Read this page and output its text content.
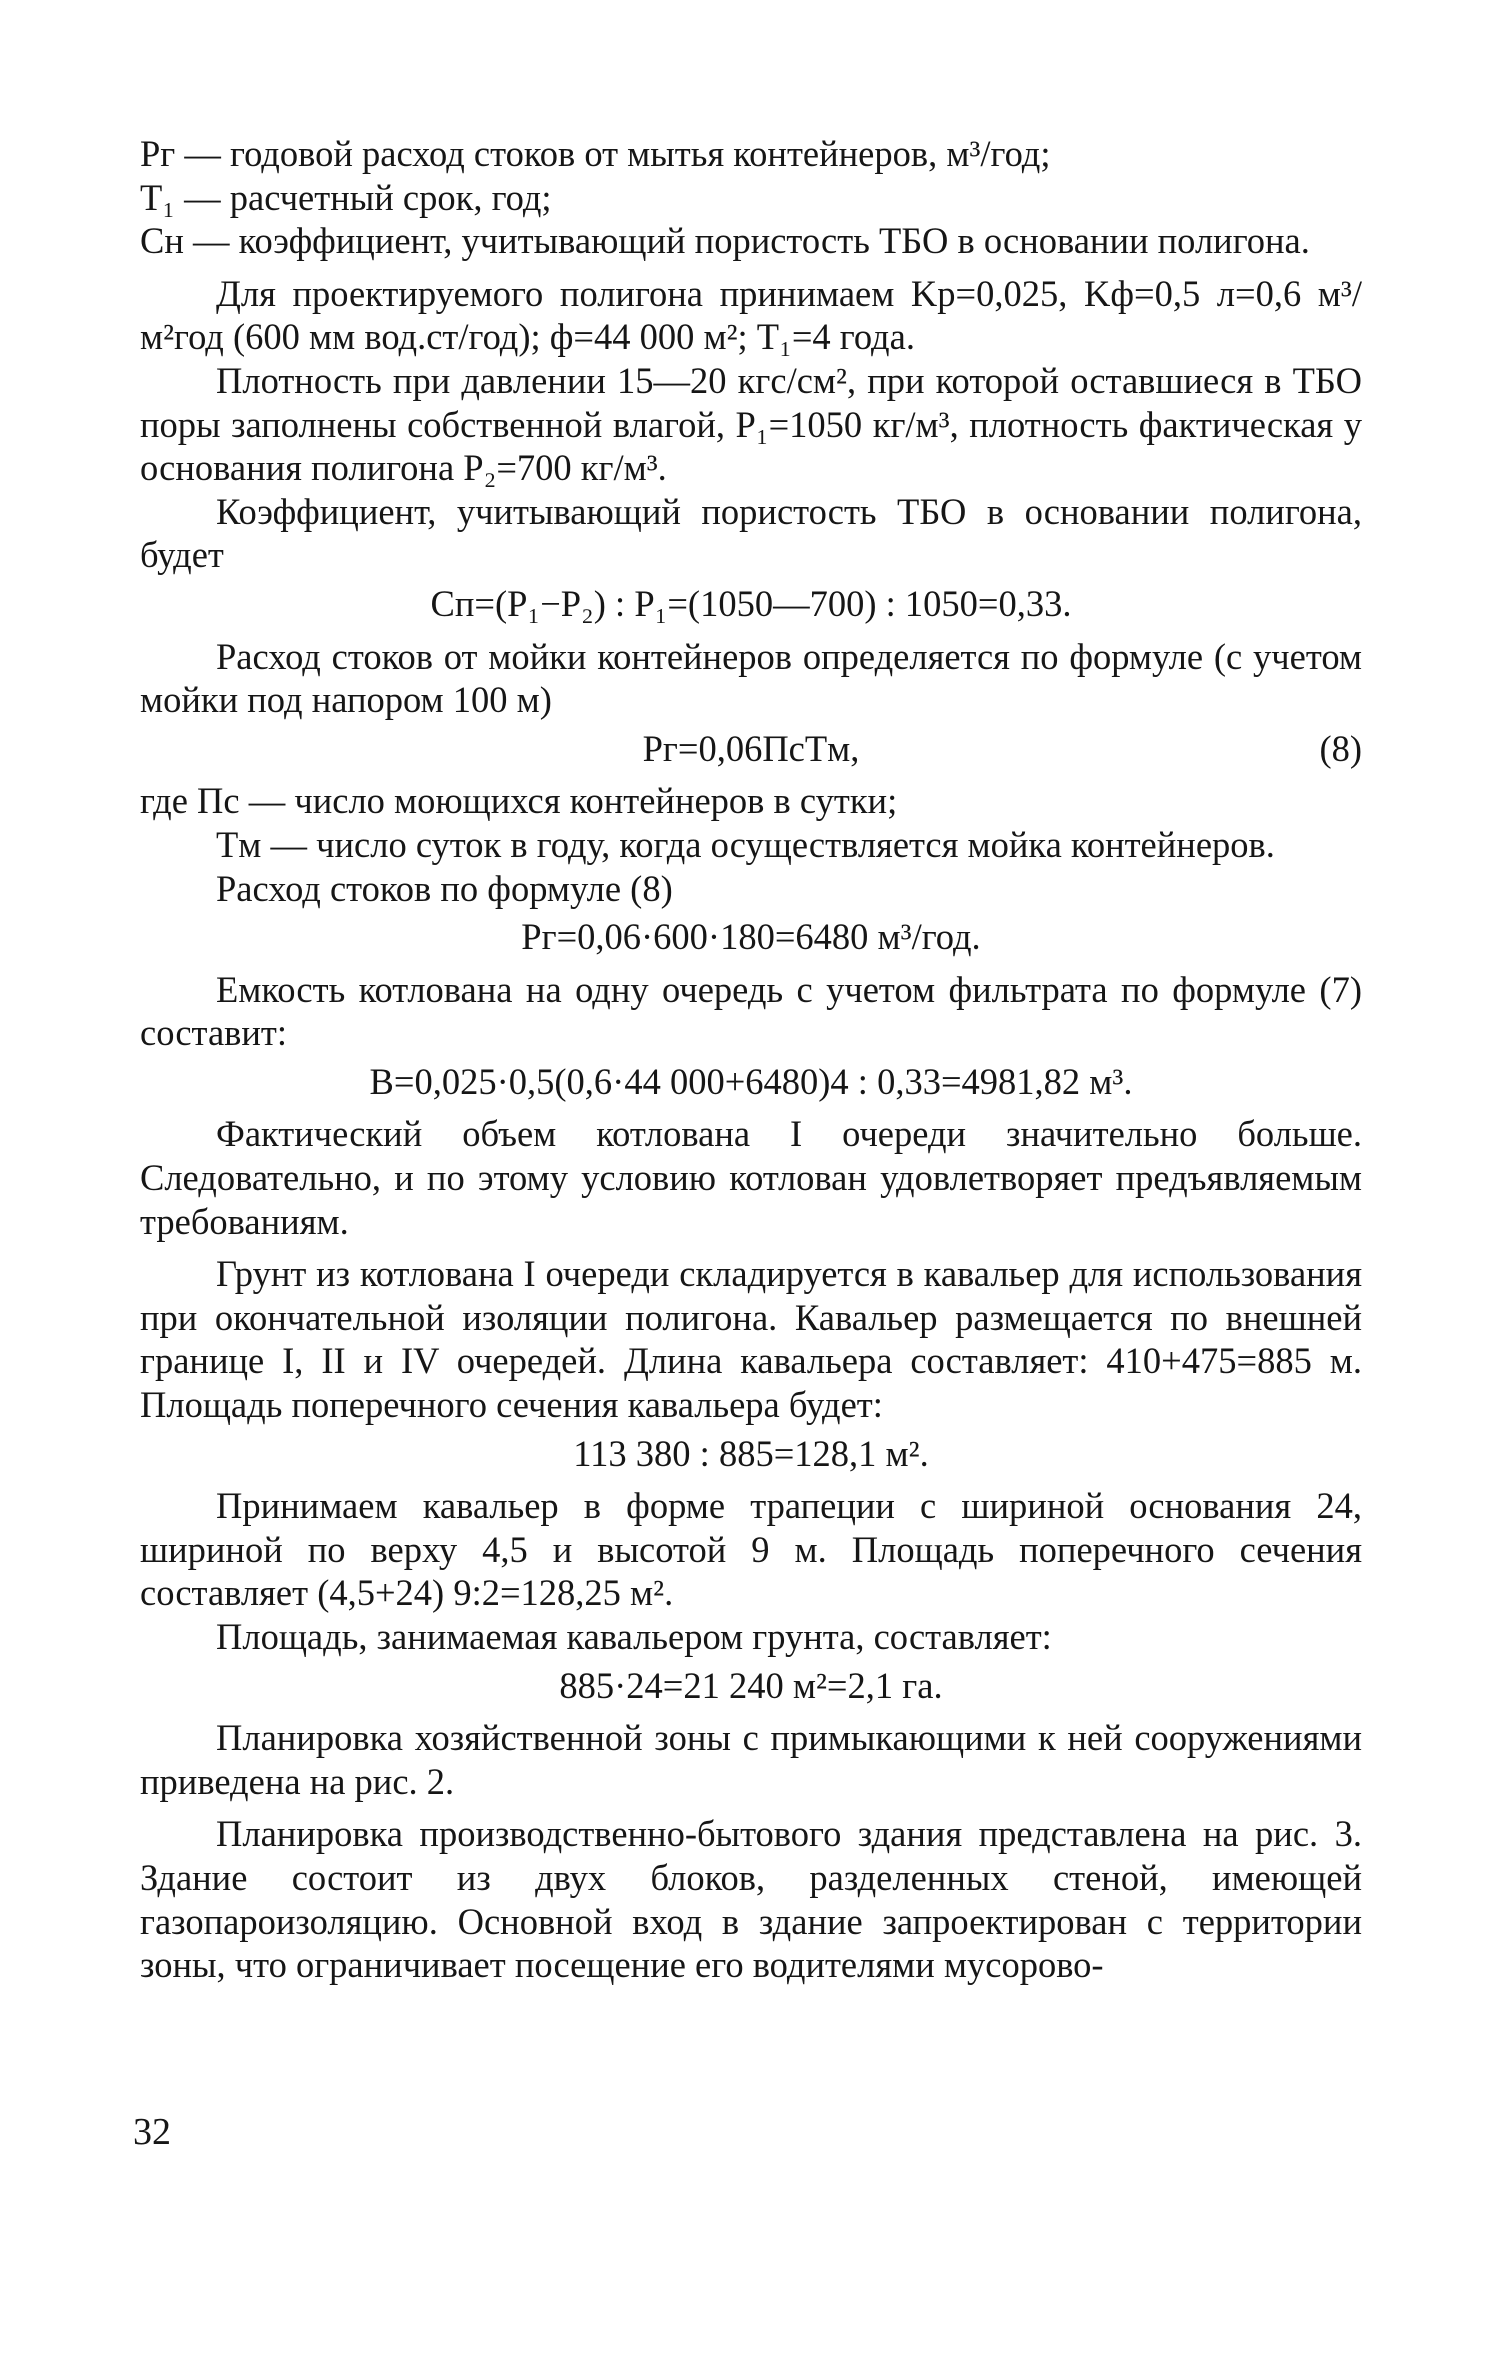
Pг — годовой расход стоков от мытья контейнеров, м³/год;

T₁ — расчетный срок, год;

Cн — коэффициент, учитывающий пористость ТБО в основании полигона.

Для проектируемого полигона принимаем Kр=0,025, Kф=0,5 л=0,6 м³/м²год (600 мм вод.ст/год); ф=44 000 м²; T₁=4 года.

Плотность при давлении 15—20 кгс/см², при которой оставшиеся в ТБО поры заполнены собственной влагой, P₁=1050 кг/м³, плотность фактическая у основания полигона P₂=700 кг/м³.

Коэффициент, учитывающий пористость ТБО в основании полигона, будет

Cп=(P₁−P₂) : P₁=(1050—700) : 1050=0,33.

Расход стоков от мойки контейнеров определяется по формуле (с учетом мойки под напором 100 м)

Pг=0,06ПсTм,	(8)

где Пс — число моющихся контейнеров в сутки;

Tм — число суток в году, когда осуществляется мойка контейнеров.

Расход стоков по формуле (8)

Pг=0,06·600·180=6480 м³/год.

Емкость котлована на одну очередь с учетом фильтрата по формуле (7) составит:

B=0,025·0,5(0,6·44 000+6480)4 : 0,33=4981,82 м³.

Фактический объем котлована I очереди значительно больше. Следовательно, и по этому условию котлован удовлетворяет предъявляемым требованиям.

Грунт из котлована I очереди складируется в кавальер для использования при окончательной изоляции полигона. Кавальер размещается по внешней границе I, II и IV очередей. Длина кавальера составляет: 410+475=885 м. Площадь поперечного сечения кавальера будет:

113 380 : 885=128,1 м².

Принимаем кавальер в форме трапеции с шириной основания 24, шириной по верху 4,5 и высотой 9 м. Площадь поперечного сечения составляет (4,5+24) 9:2=128,25 м².

Площадь, занимаемая кавальером грунта, составляет:

885·24=21 240 м²=2,1 га.

Планировка хозяйственной зоны с примыкающими к ней сооружениями приведена на рис. 2.

Планировка производственно-бытового здания представлена на рис. 3. Здание состоит из двух блоков, разделенных стеной, имеющей газопароизоляцию. Основной вход в здание запроектирован с территории зоны, что ограничивает посещение его водителями мусорово-

32
